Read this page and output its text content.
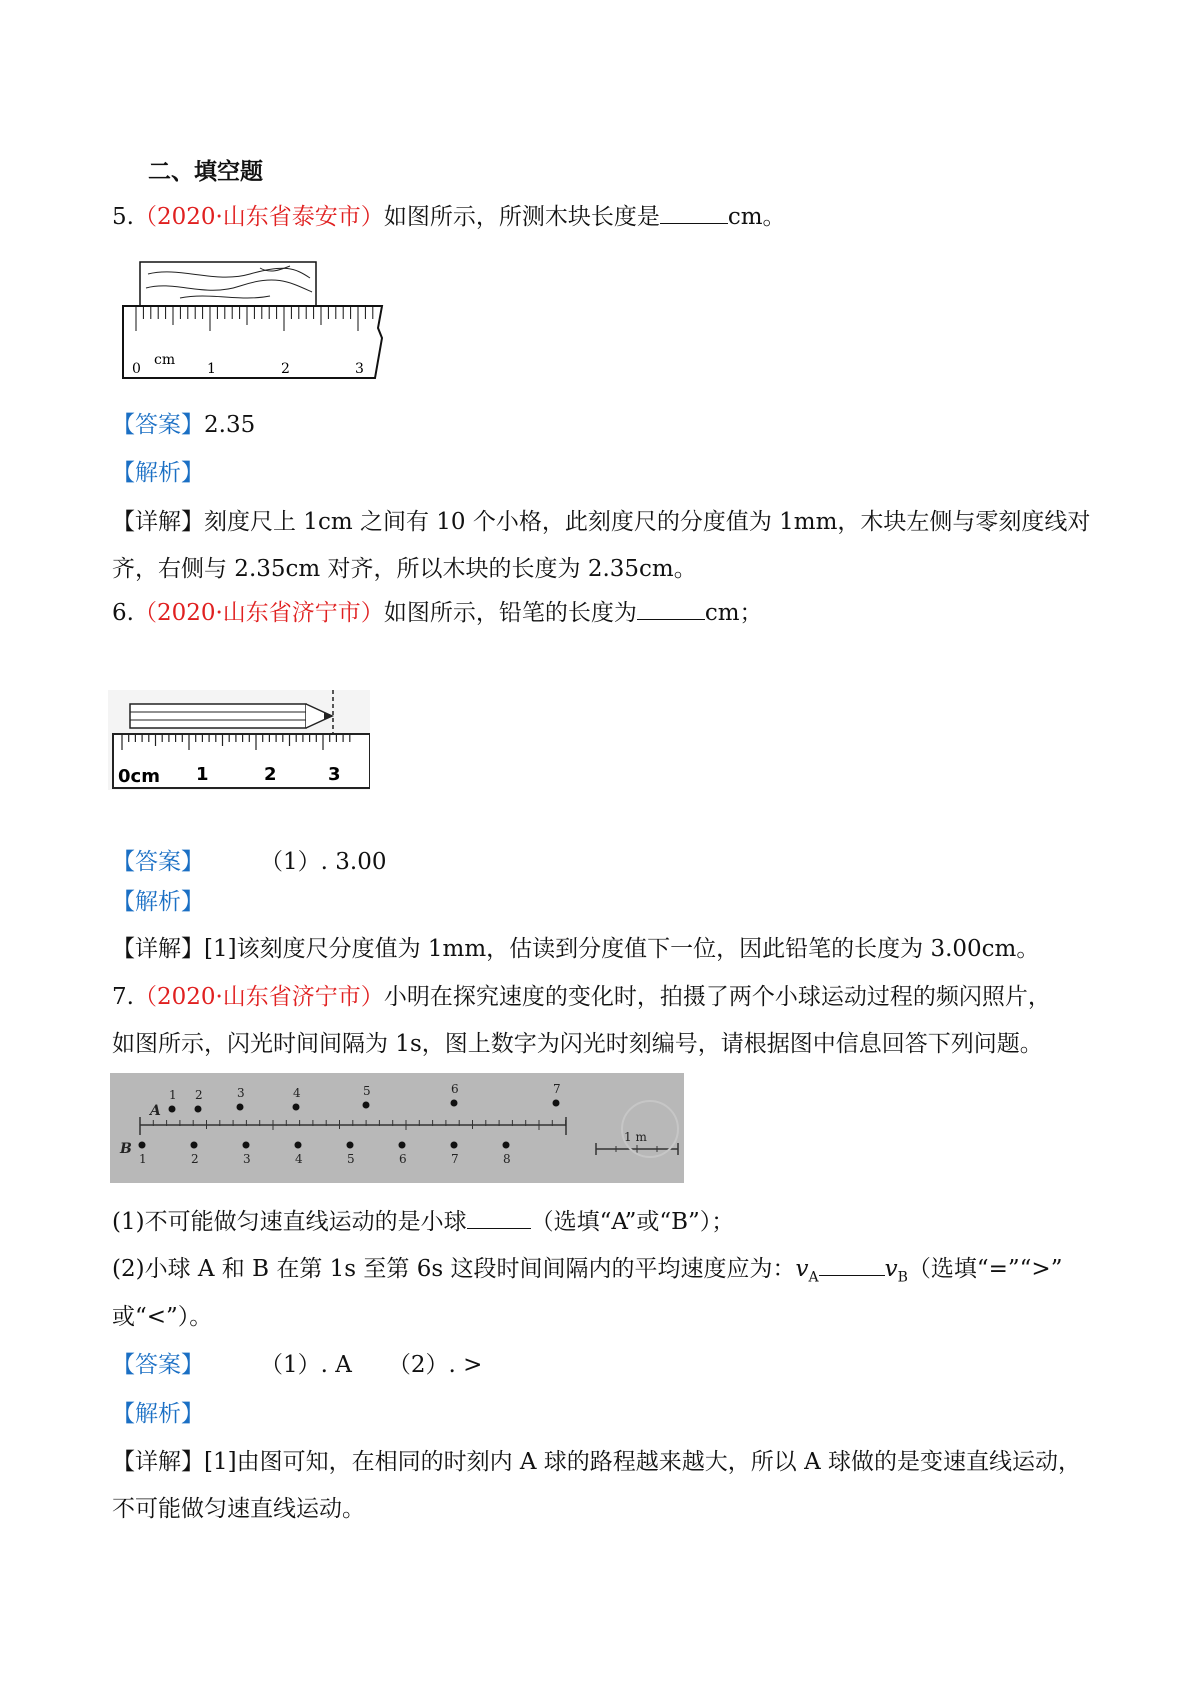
二、填空题
5.（2020·山东省泰安市）如图所示，所测木块长度是	cm。
0
cm
1	2	3
【答案】2.35
【解析】
【详解】刻度尺上 1cm 之间有 10 个小格，此刻度尺的分度值为 1mm，木块左侧与零刻度线对
齐，右侧与 2.35cm 对齐，所以木块的长度为 2.35cm。
6.（2020·山东省济宁市）如图所示，铅笔的长度为	cm；
0cm 1	2	3
【答案】 （1）. 3.00
【解析】
【详解】[1]该刻度尺分度值为 1mm，估读到分度值下一位，因此铅笔的长度为 3.00cm。
7.（2020·山东省济宁市）小明在探究速度的变化时，拍摄了两个小球运动过程的频闪照片，
如图所示，闪光时间间隔为 1s，图上数字为闪光时刻编号，请根据图中信息回答下列问题。
A
B
1 2	3	4	5	6	7
1	2	3	4	5	6	7	8
1 m
(1)不可能做匀速直线运动的是小球	（选填“A”或“B”）；
(2)小球 A 和 B 在第 1s 至第 6s 这段时间间隔内的平均速度应为：$v_A$	$v_B$（选填“=”“>”
或“<”）。
【答案】 （1）. A （2）. >
【解析】
【详解】[1]由图可知，在相同的时刻内 A 球的路程越来越大，所以 A 球做的是变速直线运动，
不可能做匀速直线运动。
